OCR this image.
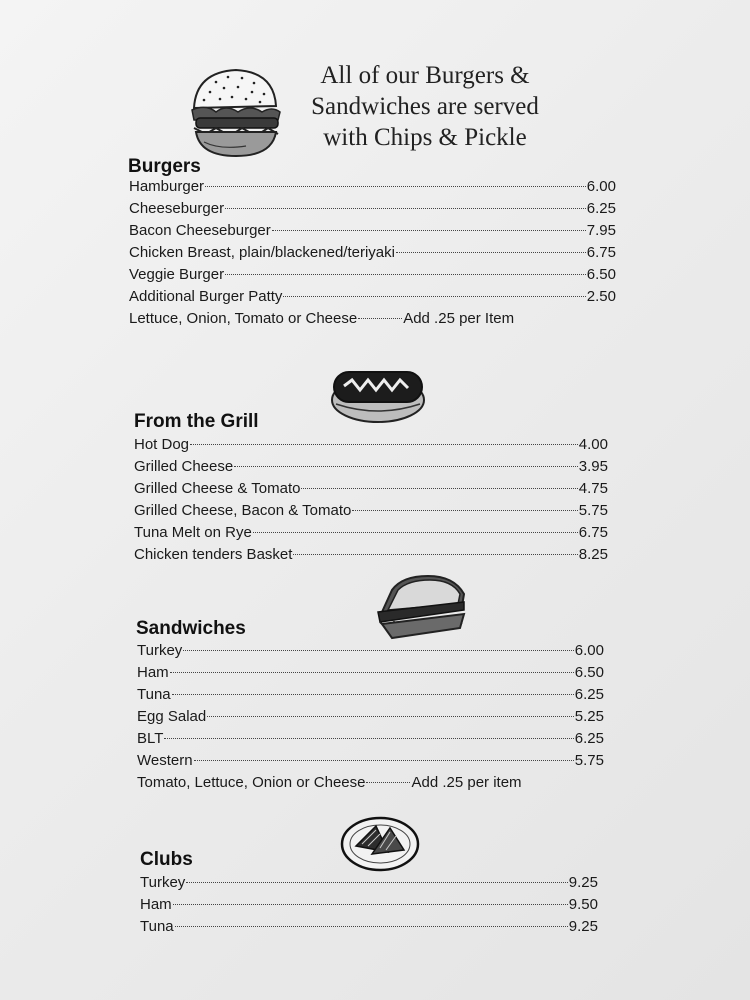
All of our Burgers &
Sandwiches are served
with Chips & Pickle
Burgers
Hamburger	6.00
Cheeseburger	6.25
Bacon Cheeseburger	7.95
Chicken Breast, plain/blackened/teriyaki	6.75
Veggie Burger	6.50
Additional Burger Patty	2.50
Lettuce, Onion, Tomato or Cheese	Add .25 per Item
From the Grill
Hot Dog	4.00
Grilled Cheese	3.95
Grilled Cheese & Tomato	4.75
Grilled Cheese, Bacon & Tomato	5.75
Tuna Melt on Rye	6.75
Chicken tenders Basket	8.25
Sandwiches
Turkey	6.00
Ham	6.50
Tuna	6.25
Egg Salad	5.25
BLT	6.25
Western	5.75
Tomato, Lettuce, Onion or Cheese	Add .25 per item
Clubs
Turkey	9.25
Ham	9.50
Tuna	9.25
